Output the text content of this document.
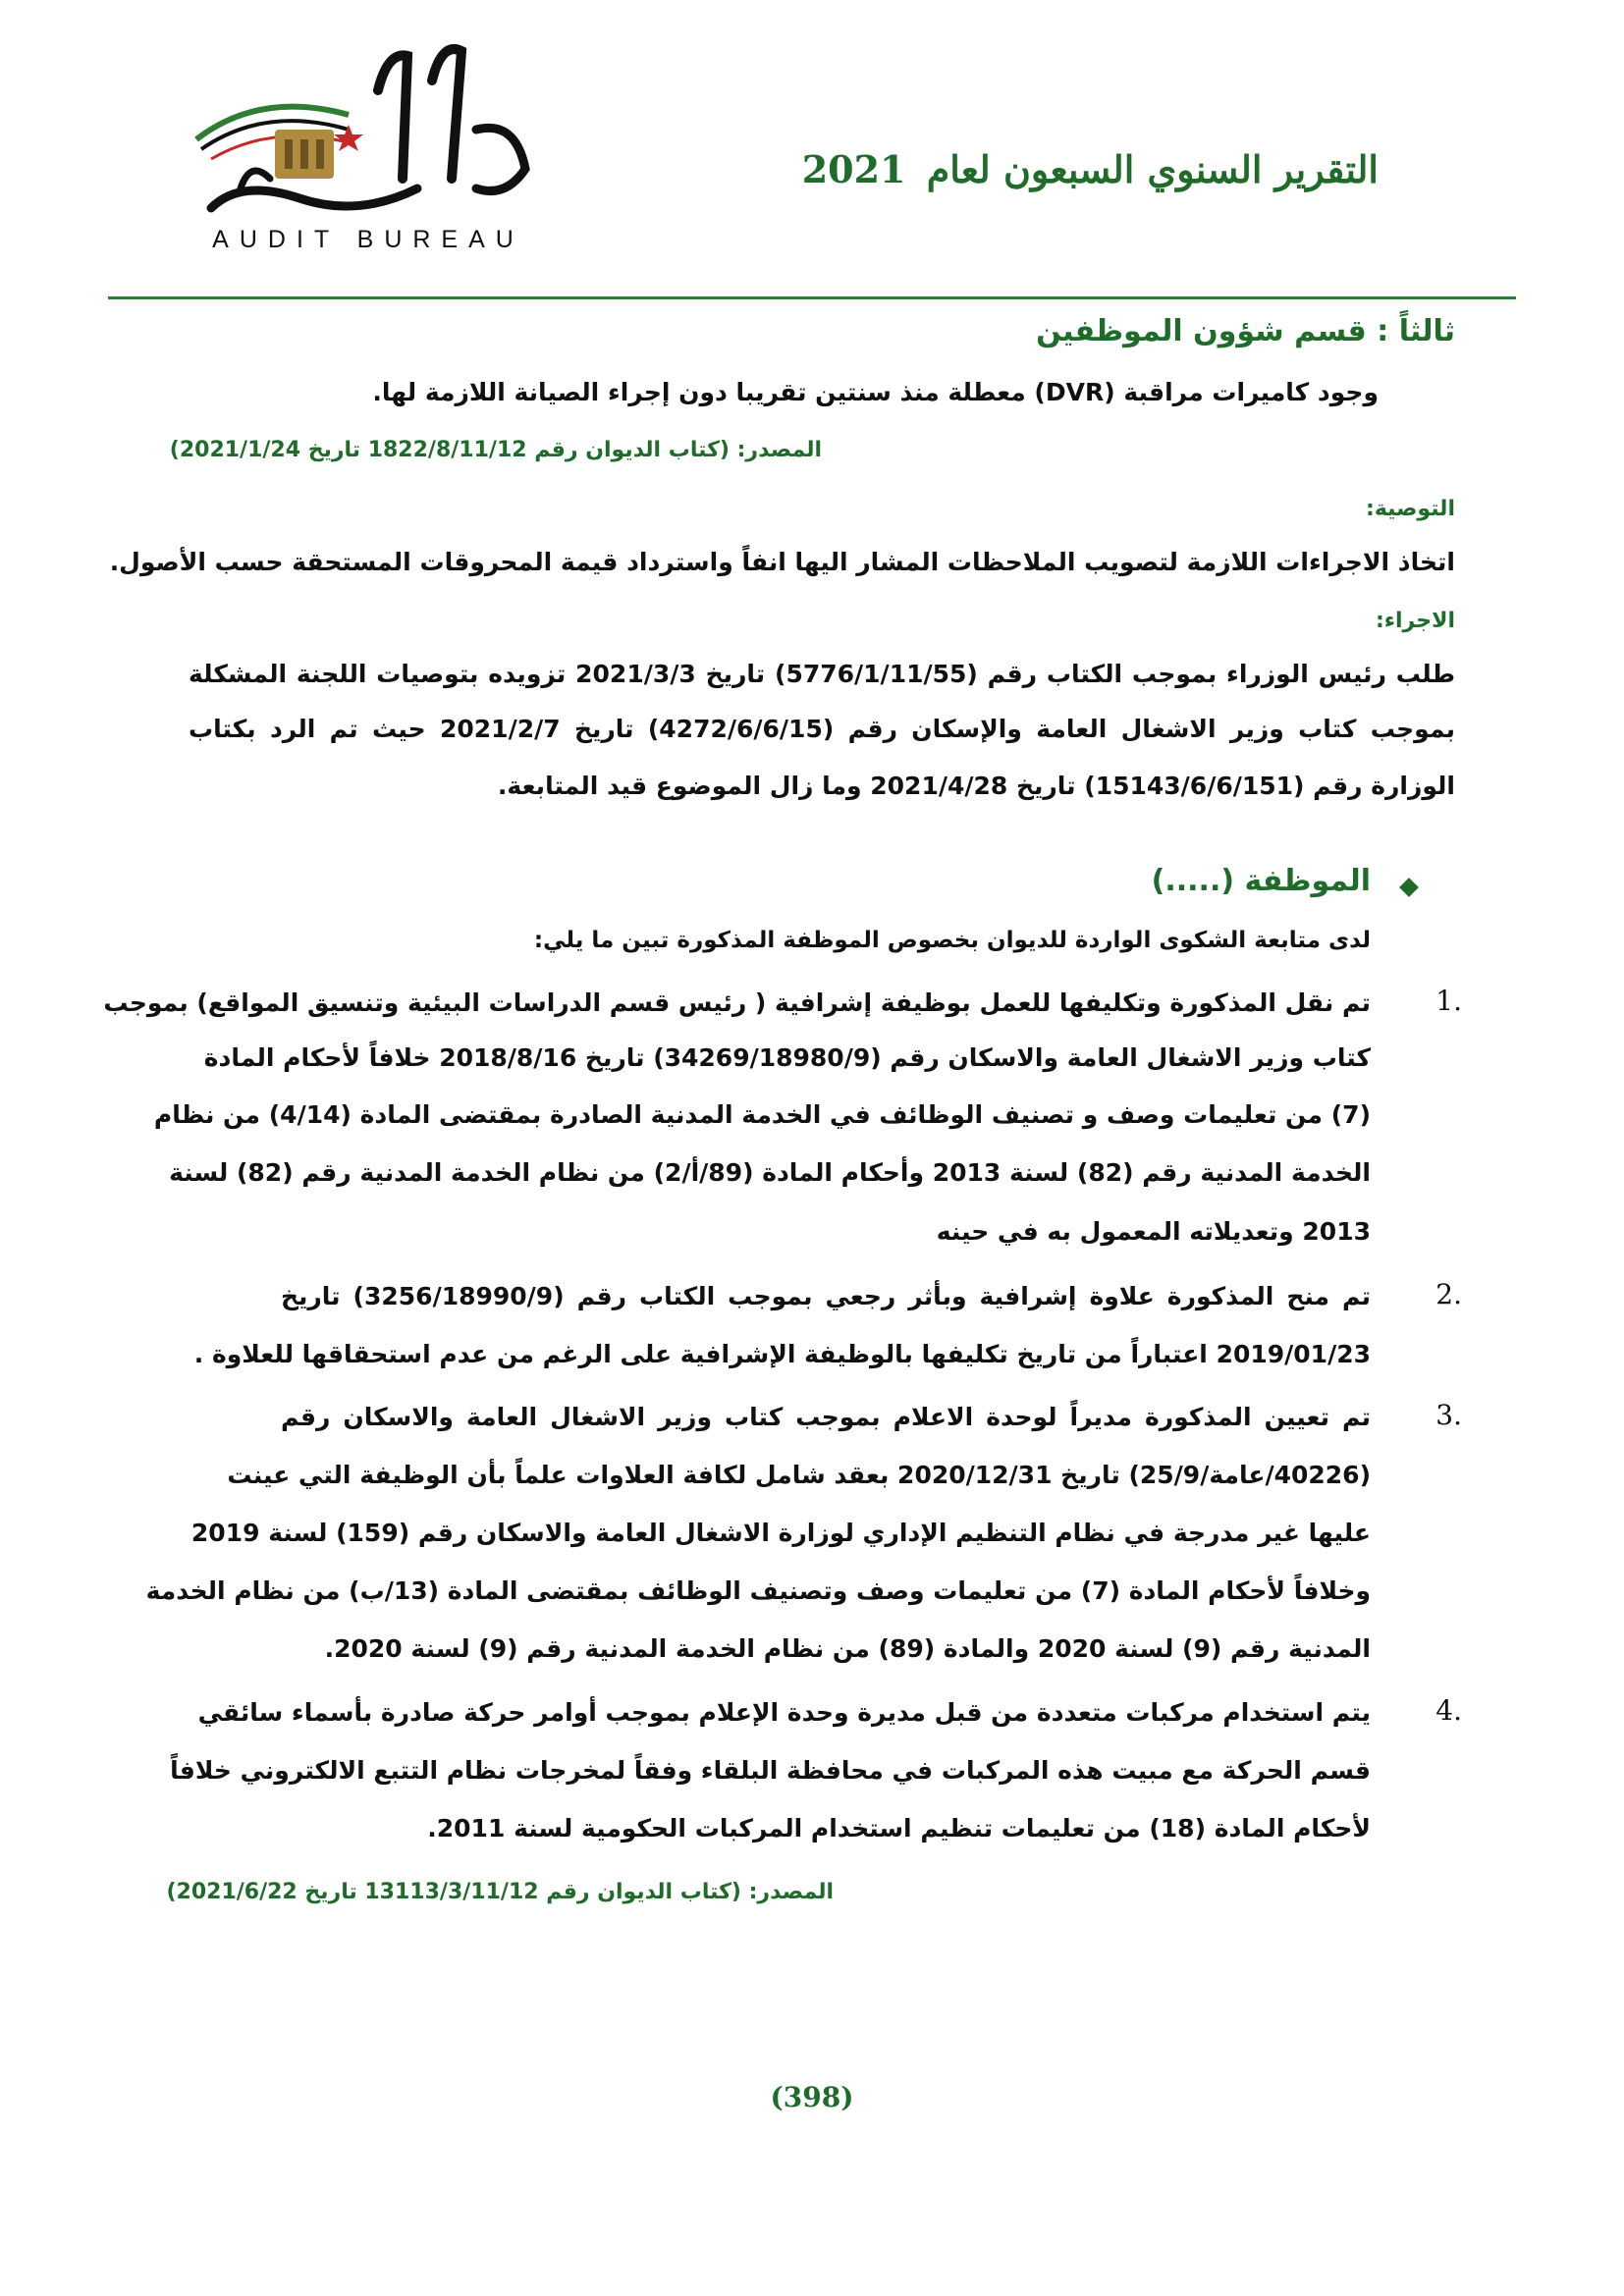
AUDIT BUREAU
التقرير السنوي السبعون لعام 2021
ثالثاً : قسم شؤون الموظفين
وجود كاميرات مراقبة (DVR) معطلة منذ سنتين تقريبا دون إجراء الصيانة اللازمة لها.
المصدر: (كتاب الديوان رقم 1822/8/11/12 تاريخ 2021/1/24)
التوصية:
اتخاذ الاجراءات اللازمة لتصويب الملاحظات المشار اليها انفاً واسترداد قيمة المحروقات المستحقة حسب الأصول.
الاجراء:
طلب رئيس الوزراء بموجب الكتاب رقم (5776/1/11/55) تاريخ 2021/3/3 تزويده بتوصيات اللجنة المشكلة
بموجب كتاب وزير الاشغال العامة والإسكان رقم (4272/6/6/15) تاريخ 2021/2/7 حيث تم الرد بكتاب
الوزارة رقم (15143/6/6/151) تاريخ 2021/4/28 وما زال الموضوع قيد المتابعة.
الموظفة (.....)
لدى متابعة الشكوى الواردة للديوان بخصوص الموظفة المذكورة تبين ما يلي:
1.
تم نقل المذكورة وتكليفها للعمل بوظيفة إشرافية ( رئيس قسم الدراسات البيئية وتنسيق المواقع) بموجب
كتاب وزير الاشغال العامة والاسكان رقم (34269/18980/9) تاريخ 2018/8/16 خلافاً لأحكام المادة
(7) من تعليمات وصف و تصنيف الوظائف في الخدمة المدنية الصادرة بمقتضى المادة (4/14) من نظام
الخدمة المدنية رقم (82) لسنة 2013 وأحكام المادة (89/أ/2) من نظام الخدمة المدنية رقم (82) لسنة
2013 وتعديلاته المعمول به في حينه
2.
تم منح المذكورة علاوة إشرافية وبأثر رجعي بموجب الكتاب رقم (3256/18990/9) تاريخ
2019/01/23 اعتباراً من تاريخ تكليفها بالوظيفة الإشرافية على الرغم من عدم استحقاقها للعلاوة .
3.
تم تعيين المذكورة مديراً لوحدة الاعلام بموجب كتاب وزير الاشغال العامة والاسكان رقم
(40226/عامة/25/9) تاريخ 2020/12/31 بعقد شامل لكافة العلاوات علماً بأن الوظيفة التي عينت
عليها غير مدرجة في نظام التنظيم الإداري لوزارة الاشغال العامة والاسكان رقم (159) لسنة 2019
وخلافاً لأحكام المادة (7) من تعليمات وصف وتصنيف الوظائف بمقتضى المادة (13/ب) من نظام الخدمة
المدنية رقم (9) لسنة 2020 والمادة (89) من نظام الخدمة المدنية رقم (9) لسنة 2020.
4.
يتم استخدام مركبات متعددة من قبل مديرة وحدة الإعلام بموجب أوامر حركة صادرة بأسماء سائقي
قسم الحركة مع مبيت هذه المركبات في محافظة البلقاء وفقاً لمخرجات نظام التتبع الالكتروني خلافاً
لأحكام المادة (18) من تعليمات تنظيم استخدام المركبات الحكومية لسنة 2011.
المصدر: (كتاب الديوان رقم 13113/3/11/12 تاريخ 2021/6/22)
(398)
